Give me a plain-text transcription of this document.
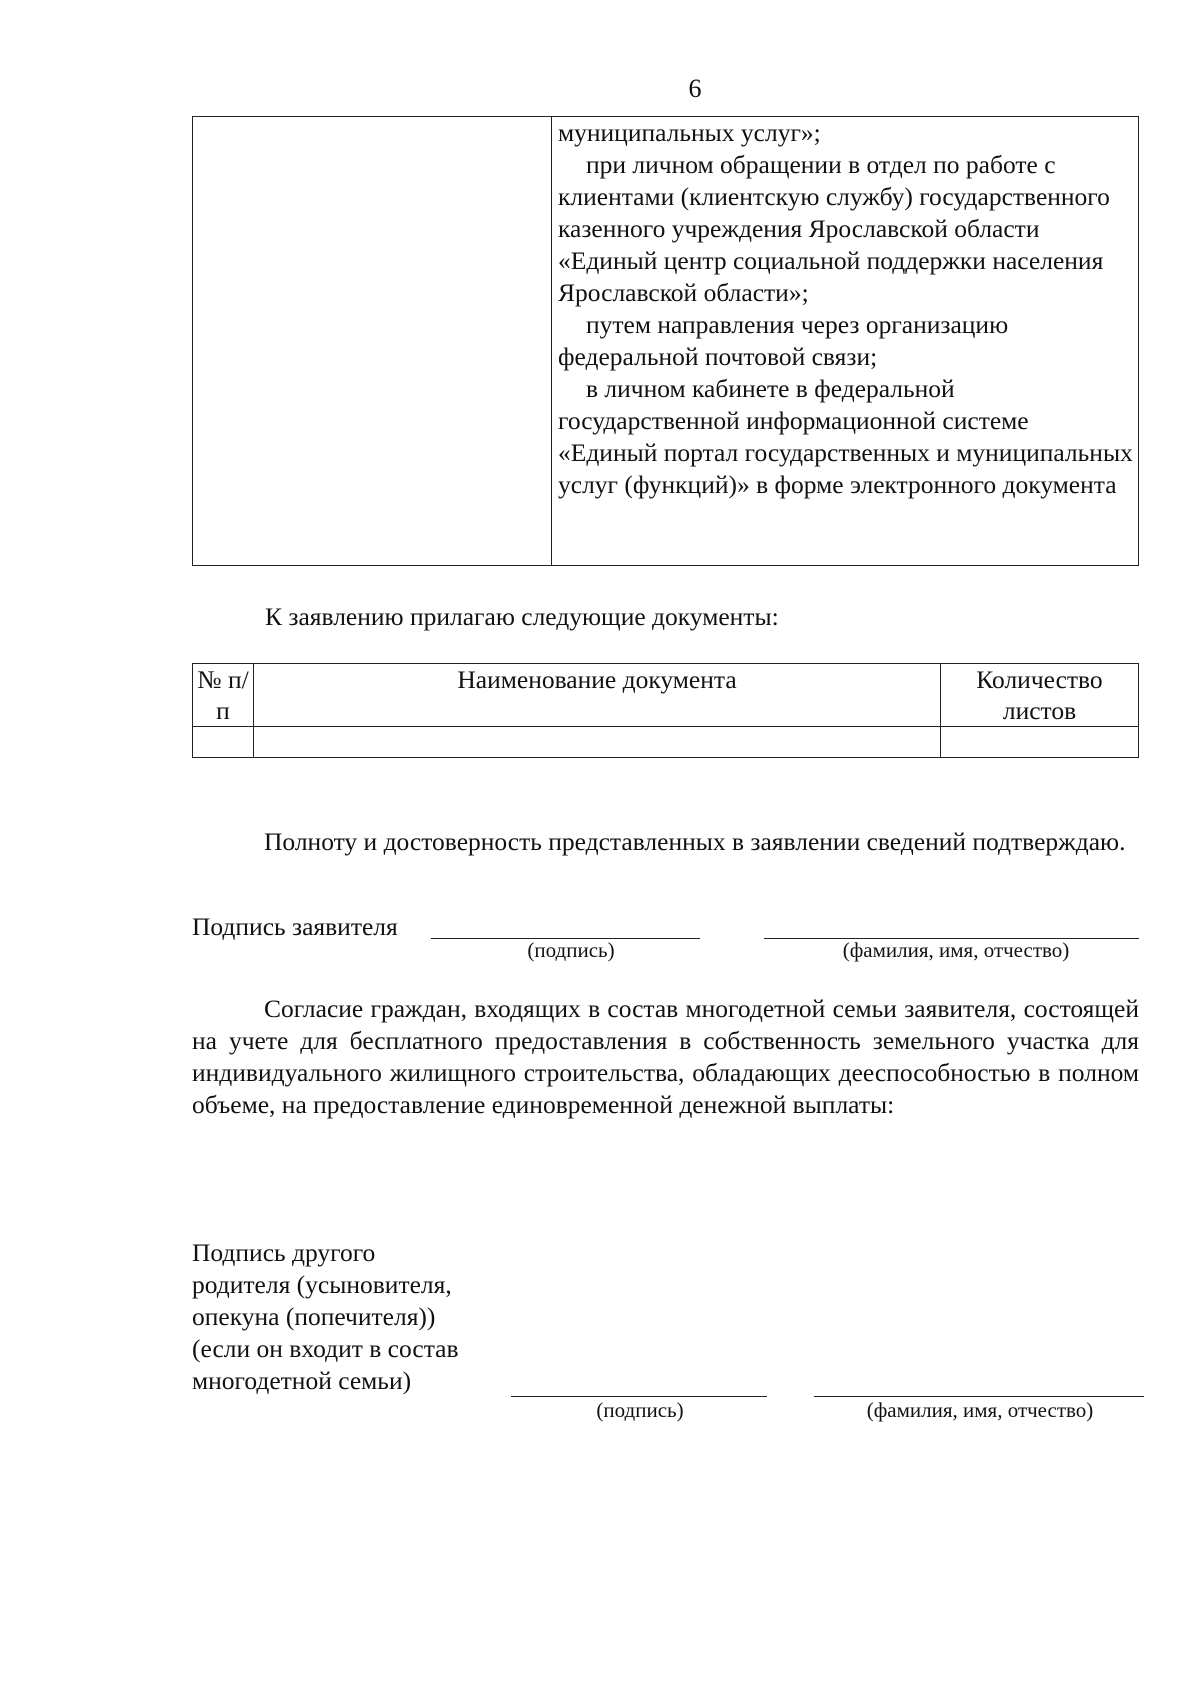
6

муниципальных услуг»;

при личном обращении в отдел по работе с клиентами (клиентскую службу) государственного казенного учреждения Ярославской области «Единый центр социальной поддержки населения Ярославской области»;

путем направления через организацию федеральной почтовой связи;

в личном кабинете в федеральной государственной информационной системе «Единый портал государственных и муниципальных услуг (функций)» в форме электронного документа

К заявлению прилагаю следующие документы:
№ п/п	Наименование документа	Количество листов

Полноту и достоверность представленных в заявлении сведений подтверждаю.

Подпись заявителя
(подпись)	(фамилия, имя, отчество)

Согласие граждан, входящих в состав многодетной семьи заявителя, состоящей на учете для бесплатного предоставления в собственность земельного участка для индивидуального жилищного строительства, обладающих дееспособностью в полном объеме, на предоставление единовременной денежной выплаты:

Подпись другого
родителя (усыновителя,
опекуна (попечителя))
(если он входит в состав
многодетной семьи)
(подпись)	(фамилия, имя, отчество)
